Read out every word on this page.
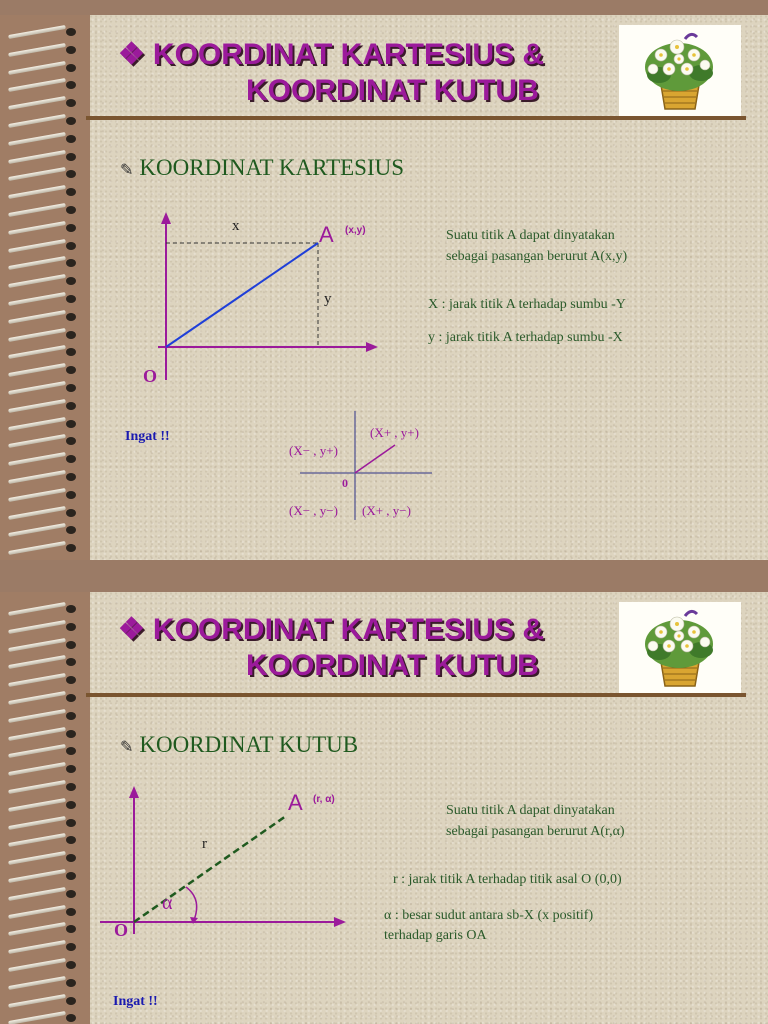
❖ KOORDINAT KARTESIUS &
KOORDINAT KUTUB
✎ KOORDINAT KARTESIUS
x
y
A (x,y)
O
Suatu titik A dapat dinyatakan
sebagai pasangan berurut A(x,y)
X : jarak titik A terhadap sumbu -Y
y : jarak titik A terhadap sumbu -X
Ingat !!	(X+ , y+)
(X− , y+)
(X− , y−) (X+ , y−)
0
❖ KOORDINAT KARTESIUS &
KOORDINAT KUTUB
✎ KOORDINAT KUTUB
r
α
A (r, α)
O
Suatu titik A dapat dinyatakan
sebagai pasangan berurut A(r,α)
r : jarak titik A terhadap titik asal O (0,0)
α : besar sudut antara sb-X (x positif)
terhadap garis OA
Ingat !!
